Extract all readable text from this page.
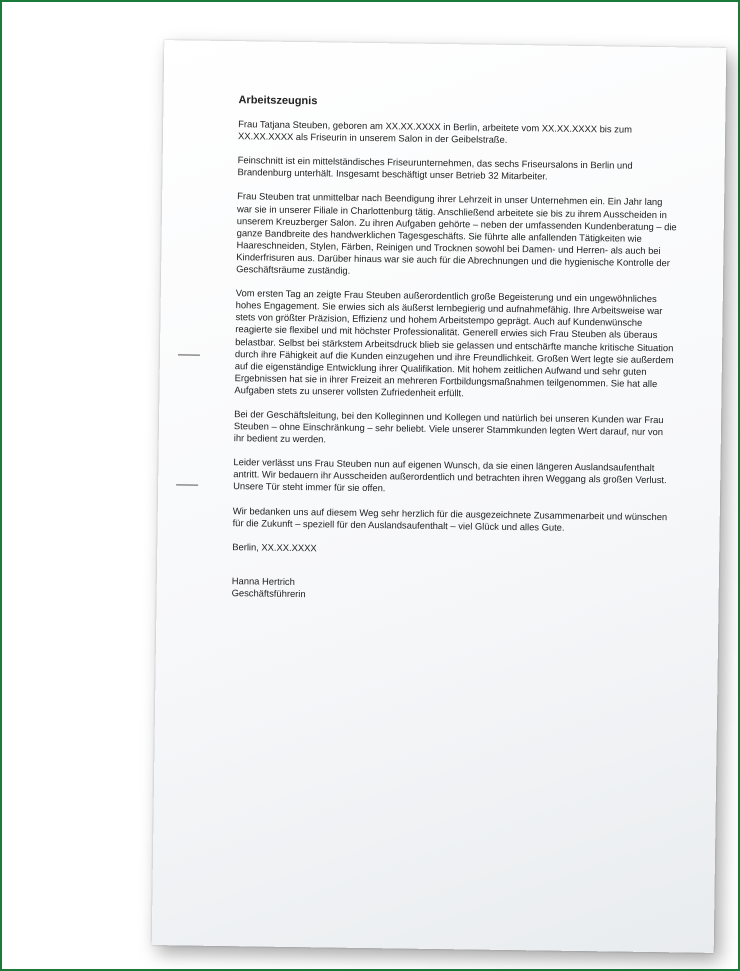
Arbeitszeugnis

Frau Tatjana Steuben, geboren am XX.XX.XXXX in Berlin, arbeitete vom XX.XX.XXXX bis zum XX.XX.XXXX als Friseurin in unserem Salon in der Geibelstraße.

Feinschnitt ist ein mittelständisches Friseurunternehmen, das sechs Friseursalons in Berlin und Brandenburg unterhält. Insgesamt beschäftigt unser Betrieb 32 Mitarbeiter.

Frau Steuben trat unmittelbar nach Beendigung ihrer Lehrzeit in unser Unternehmen ein. Ein Jahr lang war sie in unserer Filiale in Charlottenburg tätig. Anschließend arbeitete sie bis zu ihrem Ausscheiden in unserem Kreuzberger Salon. Zu ihren Aufgaben gehörte – neben der umfassenden Kundenberatung – die ganze Bandbreite des handwerklichen Tagesgeschäfts. Sie führte alle anfallenden Tätigkeiten wie Haareschneiden, Stylen, Färben, Reinigen und Trocknen sowohl bei Damen- und Herren- als auch bei Kinderfrisuren aus. Darüber hinaus war sie auch für die Abrechnungen und die hygienische Kontrolle der Geschäftsräume zuständig.

Vom ersten Tag an zeigte Frau Steuben außerordentlich große Begeisterung und ein ungewöhnliches hohes Engagement. Sie erwies sich als äußerst lernbegierig und aufnahmefähig. Ihre Arbeitsweise war stets von größter Präzision, Effizienz und hohem Arbeitstempo geprägt. Auch auf Kundenwünsche reagierte sie flexibel und mit höchster Professionalität. Generell erwies sich Frau Steuben als überaus belastbar. Selbst bei stärkstem Arbeitsdruck blieb sie gelassen und entschärfte manche kritische Situation durch ihre Fähigkeit auf die Kunden einzugehen und ihre Freundlichkeit. Großen Wert legte sie außerdem auf die eigenständige Entwicklung ihrer Qualifikation. Mit hohem zeitlichen Aufwand und sehr guten Ergebnissen hat sie in ihrer Freizeit an mehreren Fortbildungsmaßnahmen teilgenommen. Sie hat alle Aufgaben stets zu unserer vollsten Zufriedenheit erfüllt.

Bei der Geschäftsleitung, bei den Kolleginnen und Kollegen und natürlich bei unseren Kunden war Frau Steuben – ohne Einschränkung – sehr beliebt. Viele unserer Stammkunden legten Wert darauf, nur von ihr bedient zu werden.

Leider verlässt uns Frau Steuben nun auf eigenen Wunsch, da sie einen längeren Auslandsaufenthalt antritt. Wir bedauern ihr Ausscheiden außerordentlich und betrachten ihren Weggang als großen Verlust. Unsere Tür steht immer für sie offen.

Wir bedanken uns auf diesem Weg sehr herzlich für die ausgezeichnete Zusammenarbeit und wünschen für die Zukunft – speziell für den Auslandsaufenthalt – viel Glück und alles Gute.

Berlin, XX.XX.XXXX

Hanna Hertrich
Geschäftsführerin
